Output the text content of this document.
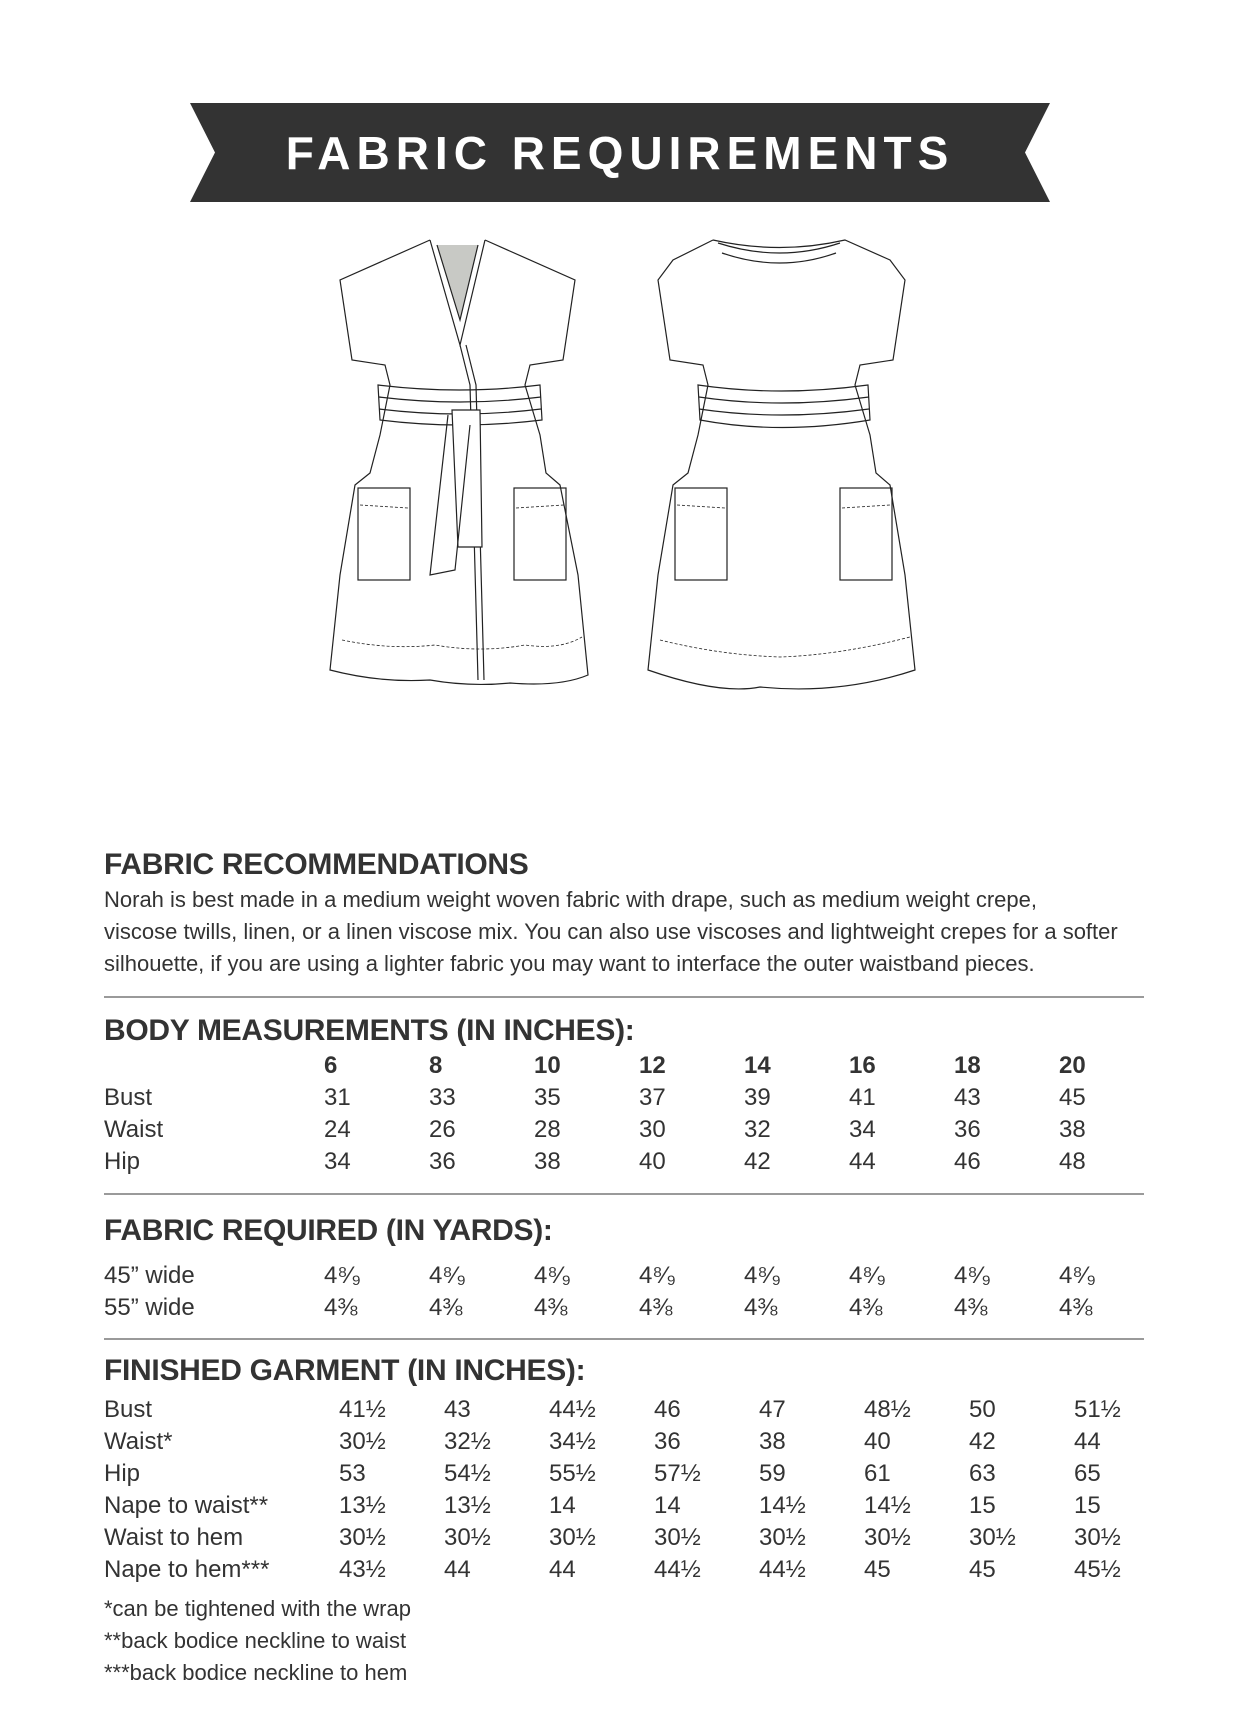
FABRIC REQUIREMENTS
FABRIC RECOMMENDATIONS
Norah is best made in a medium weight woven fabric with drape, such as medium weight crepe,
viscose twills, linen, or a linen viscose mix. You can also use viscoses and lightweight crepes for a softer
silhouette, if you are using a lighter fabric you may want to interface the outer waistband pieces.
BODY MEASUREMENTS (IN INCHES):
6	8	10	12	14	16	18	20
Bust	31	33	35	37	39	41	43	45
Waist	24	26	28	30	32	34	36	38
Hip	34	36	38	40	42	44	46	48
FABRIC REQUIRED (IN YARDS):
45” wide	4⁸⁄₉	4⁸⁄₉	4⁸⁄₉	4⁸⁄₉	4⁸⁄₉	4⁸⁄₉	4⁸⁄₉	4⁸⁄₉
55” wide	4⅜	4⅜	4⅜	4⅜	4⅜	4⅜	4⅜	4⅜
FINISHED GARMENT (IN INCHES):
Bust	41½ 43	44½ 46	47	48½ 50	51½
Waist*	30½ 32½ 34½ 36	38	40	42	44
Hip	53	54½ 55½ 57½ 59	61	63	65
Nape to waist**	13½ 13½ 14	14	14½ 14½ 15	15
Waist to hem	30½ 30½ 30½ 30½ 30½ 30½ 30½ 30½
Nape to hem***	43½ 44	44	44½ 44½ 45	45	45½
*can be tightened with the wrap
**back bodice neckline to waist
***back bodice neckline to hem
